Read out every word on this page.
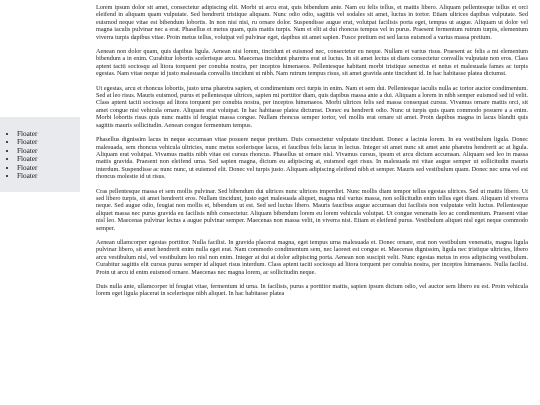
• Floater
• Floater
• Floater
• Floater
• Floater
• Floater

Lorem ipsum dolor sit amet, consectetur adipiscing elit. Morbi ut arcu erat, quis bibendum ante. Nam eu felis tellus, et mattis libero. Aliquam pellentesque tellus et orci eleifend in aliquam quam vulputate. Sed hendrerit tristique aliquam. Nunc odio odio, sagittis vel sodales sit amet, luctus in tortor. Etiam ultrices dapibus vulputate. Sed euismod neque vitae est bibendum lobortis. In non nisi nisi, ru ornare dolor. Suspendisse augue erat, volutpat facilisis porta eget, tempus ut augue. Aliquam ut dolor vel magna iaculis pulvinar nec a erat. Phasellus et metus quam, quis mattis turpis. Nam et elit at dui rhoncus tempus vel in purus. Praesent fermentum rutrum turpis, elementum viverra turpis dapibus vitae. Proin metus tellus, volutpat vel pulvinar eget, dapibus sit amet sapien. Fusce pretium est sed lacus euismod a varius massa pretium.

Aenean non dolor quam, quis dapibus ligula. Aenean nisi lorem, tincidunt et euismod nec, consectetur eu neque. Nullam et varius risus. Praesent ac felis a mi elementum bibendum a in enim. Curabitur lobortis scelerisque arcu. Maecenas tincidunt pharetra erat ut luctus. In sit amet lectus ut diam consectetur convallis vulputate non eros. Class aptent taciti sociosqu ad litora torquent per conubia nostra, per inceptos himenaeos. Pellentesque habitant morbi tristique senectus et netus et malesuada fames ac turpis egestas. Nam vitae neque id justo malesuada convallis tincidunt ut nibh. Nam rutrum tempus risus, sit amet gravida ante tincidunt id. In hac habitasse platea dictumst.

Ut egestas, arcu et rhoncus lobortis, justo urna pharetra sapien, et condimentum orci turpis in enim. Nam et sem dui. Pellentesque iaculis nulla ac tortor auctor condimentum. Sed at leo risus. Mauris euismod, purus et pellentesque ultrices, sapien mi porttitor diam, quis dapibus massa ante a dui. Aliquam a lorem in nibh semper euismod sed id velit. Class aptent taciti sociosqu ad litora torquent per conubia nostra, per inceptos himenaeos. Morbi ultrices felis sed massa consequat cursus. Vivamus ornare mattis orci, sit amet congue nisi vehicula ornare. Aliquam erat volutpat. In hac habitasse platea dictumst. Donec eu hendrerit odio. Nunc ut turpis quis quam commodo posuere a a enim. Morbi lobortis risus quis nunc mattis id feugiat massa congue. Nullam rhoncus semper tortor, vel mollis erat ornare sit amet. Proin dapibus magna in lacus blandit quis sagittis mauris sollicitudin. Aenean congue fermentum tempus.

Phasellus dignissim lacus in neque accumsan vitae posuere neque pretium. Duis consectetur vulputate tincidunt. Donec a lacinia lorem. In eu vestibulum ligula. Donec malesuada, sem rhoncus vehicula ultricies, nunc metus scelerisque lacus, et faucibus felis lacus in lectus. Integer sit amet nunc sit amet ante pharetra hendrerit ac at ligula. Aliquam erat volutpat. Vivamus mattis nibh vitae est cursus rhoncus. Phasellus ut ornare nisl. Vivamus cursus, ipsum et arcu dictum accumsan. Aliquam sed leo in massa mattis gravida. Praesent non eleifend urna. Sed sapien magna, dictum eu adipiscing at, euismod eget risus. In malesuada mi vitae augue semper ut sollicitudin mauris interdum. Suspendisse ac nunc nunc, ut euismod elit. Donec vel turpis justo. Aliquam adipiscing eleifend nibh et semper. Mauris sed vestibulum quam. Donec nec urna vel est rhoncus molestie id ut risus.

Cras pellentesque massa et sem mollis pulvinar. Sed bibendum dui ultrices nunc ultrices imperdiet. Nunc mollis diam tempor tellus egestas ultrices. Sed ut mattis libero. Ut sed libero turpis, sit amet hendrerit eros. Nullam tincidunt, justo eget malesuada aliquet, magna nisl varius massa, non sollicitudin enim tellus eget diam. Aliquam id viverra neque. Sed augue odio, feugiat non mollis et, bibendum ut est. Sed sed luctus libero. Mauris faucibus augue accumsan dui facilisis non vulputate velit luctus. Pellentesque aliquet massa nec purus gravida eu facilisis nibh consectetur. Aliquam bibendum lorem eu lorem vehicula volutpat. Ut congue venenatis leo ac condimentum. Praesent vitae nisl leo. Maecenas pulvinar lectus a augue pulvinar semper. Maecenas non massa velit, in viverra nisi. Etiam et eleifend purus. Vestibulum aliquet nisl eget neque commodo semper.

Aenean ullamcorper egestas porttitor. Nulla facilisi. In gravida placerat magna, eget tempus urna malesuada et. Donec ornare, erat non vestibulum venenatis, magna ligula pulvinar libero, sit amet hendrerit enim nulla eget erat. Nam commodo condimentum sem, nec laoreet est congue et. Maecenas dignissim, ligula nec tristique ultricies, libero arcu vestibulum nisl, vel vestibulum leo nisl non enim. Integer at dui at dolor adipiscing porta. Aenean non suscipit velit. Nunc egestas metus in eros adipiscing vestibulum. Curabitur sagittis elit cursus purus semper id aliquet risus interdum. Class aptent taciti sociosqu ad litora torquent per conubia nostra, per inceptos himenaeos. Nulla facilisi. Proin ut arcu id enim euismod ornare. Maecenas nec magna lorem, ac sollicitudin neque.

Duis nulla ante, ullamcorper id feugiat vitae, fermentum id urna. In facilisis, purus a porttitor mattis, sapien ipsum dictum odio, vel auctor sem libero eu est. Proin vehicula lorem eget ligula placerat in scelerisque nibh aliquet. In hac habitasse platea
